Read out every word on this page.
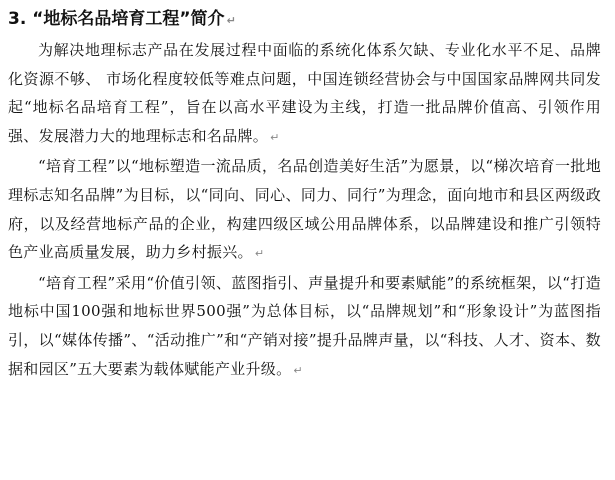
3. “地标名品培育工程”简介 ↵

为解决地理标志产品在发展过程中面临的系统化体系欠缺、专业化水平不足、品牌化资源不够、 市场化程度较低等难点问题，中国连锁经营协会与中国国家品牌网共同发起“地标名品培育工程”，旨在以高水平建设为主线，打造一批品牌价值高、引领作用强、发展潜力大的地理标志和名品牌。 ↵

“培育工程”以“地标塑造一流品质，名品创造美好生活”为愿景，以“梯次培育一批地理标志知名品牌”为目标，以“同向、同心、同力、同行”为理念，面向地市和县区两级政府，以及经营地标产品的企业，构建四级区域公用品牌体系，以品牌建设和推广引领特色产业高质量发展，助力乡村振兴。 ↵

“培育工程”采用“价值引领、蓝图指引、声量提升和要素赋能”的系统框架，以“打造地标中国100强和地标世界500强”为总体目标，以“品牌规划”和“形象设计”为蓝图指引，以“媒体传播”、“活动推广”和“产销对接”提升品牌声量，以“科技、人才、资本、数据和园区”五大要素为载体赋能产业升级。 ↵
